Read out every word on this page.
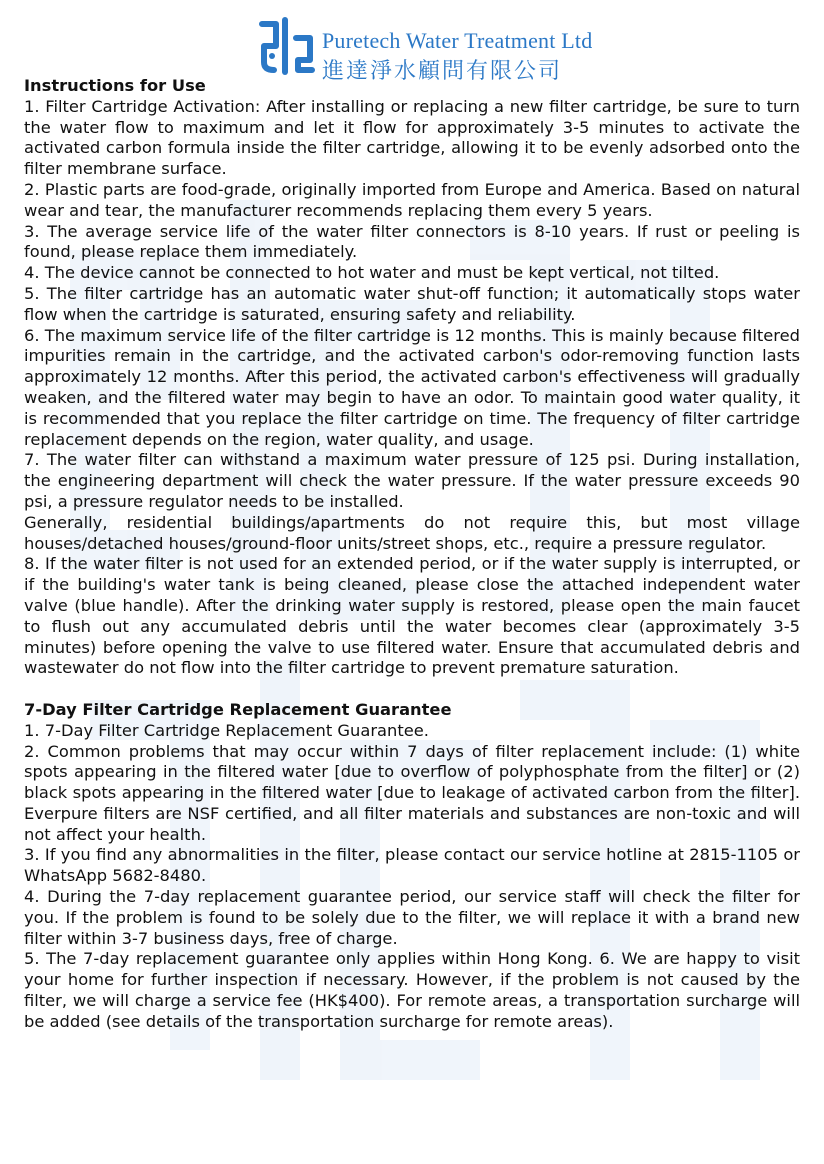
Puretech Water Treatment Ltd
進達淨水顧問有限公司
Instructions for Use

1. Filter Cartridge Activation: After installing or replacing a new filter cartridge, be sure to turn the water flow to maximum and let it flow for approximately 3-5 minutes to activate the activated carbon formula inside the filter cartridge, allowing it to be evenly adsorbed onto the filter membrane surface.

2. Plastic parts are food-grade, originally imported from Europe and America. Based on natural wear and tear, the manufacturer recommends replacing them every 5 years.

3. The average service life of the water filter connectors is 8-10 years. If rust or peeling is found, please replace them immediately.

4. The device cannot be connected to hot water and must be kept vertical, not tilted.

5. The filter cartridge has an automatic water shut-off function; it automatically stops water flow when the cartridge is saturated, ensuring safety and reliability.

6. The maximum service life of the filter cartridge is 12 months. This is mainly because filtered impurities remain in the cartridge, and the activated carbon's odor-removing function lasts approximately 12 months. After this period, the activated carbon's effectiveness will gradually weaken, and the filtered water may begin to have an odor. To maintain good water quality, it is recommended that you replace the filter cartridge on time. The frequency of filter cartridge replacement depends on the region, water quality, and usage.

7. The water filter can withstand a maximum water pressure of 125 psi. During installation, the engineering department will check the water pressure. If the water pressure exceeds 90 psi, a pressure regulator needs to be installed.

Generally, residential buildings/apartments do not require this, but most village houses/detached houses/ground-floor units/street shops, etc., require a pressure regulator.

8. If the water filter is not used for an extended period, or if the water supply is interrupted, or if the building's water tank is being cleaned, please close the attached independent water valve (blue handle). After the drinking water supply is restored, please open the main faucet to flush out any accumulated debris until the water becomes clear (approximately 3-5 minutes) before opening the valve to use filtered water. Ensure that accumulated debris and wastewater do not flow into the filter cartridge to prevent premature saturation.

7-Day Filter Cartridge Replacement Guarantee

1. 7-Day Filter Cartridge Replacement Guarantee.

2. Common problems that may occur within 7 days of filter replacement include: (1) white spots appearing in the filtered water [due to overflow of polyphosphate from the filter] or (2) black spots appearing in the filtered water [due to leakage of activated carbon from the filter]. Everpure filters are NSF certified, and all filter materials and substances are non-toxic and will not affect your health.

3. If you find any abnormalities in the filter, please contact our service hotline at 2815-1105 or WhatsApp 5682-8480.

4. During the 7-day replacement guarantee period, our service staff will check the filter for you. If the problem is found to be solely due to the filter, we will replace it with a brand new filter within 3-7 business days, free of charge.

5. The 7-day replacement guarantee only applies within Hong Kong. 6. We are happy to visit your home for further inspection if necessary. However, if the problem is not caused by the filter, we will charge a service fee (HK$400). For remote areas, a transportation surcharge will be added (see details of the transportation surcharge for remote areas).
